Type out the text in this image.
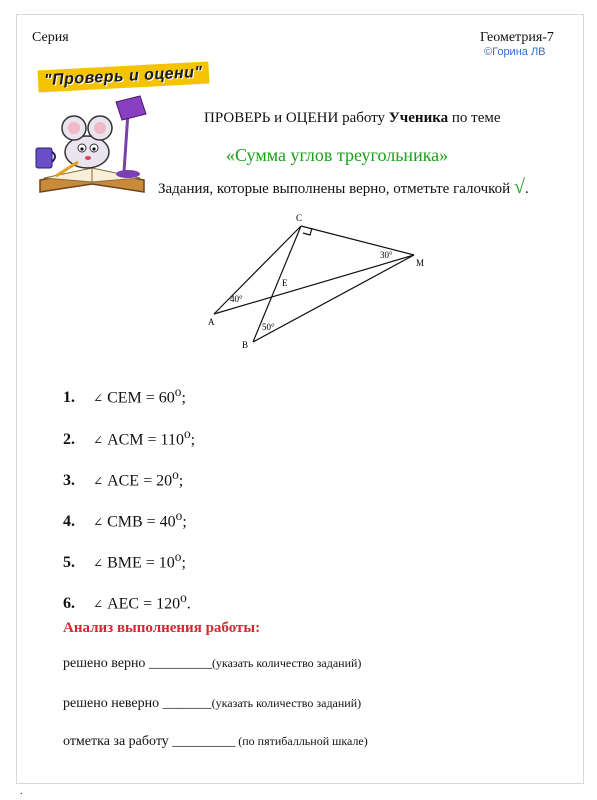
Серия	Геометрия-7
©Горина ЛВ
"Проверь и оцени"
ПРОВЕРЬ и ОЦЕНИ работу Ученика по теме
«Сумма углов треугольника»
Задания, которые выполнены верно, отметьте галочкой √.
C
M
E
A
B
30°
40°
50°
1. ∠ CEM = $60^о$;
2. ∠ ACM = $110^о$;
3. ∠ ACE = $20^о$;
4. ∠ CMB = $40^о$;
5. ∠ BME = $10^о$;
6. ∠ AEC = $120^о$.
Анализ выполнения работы:
решено верно _________(указать количество заданий)
решено неверно _______(указать количество заданий)
отметка за работу _________ (по пятибалльной шкале)
.
